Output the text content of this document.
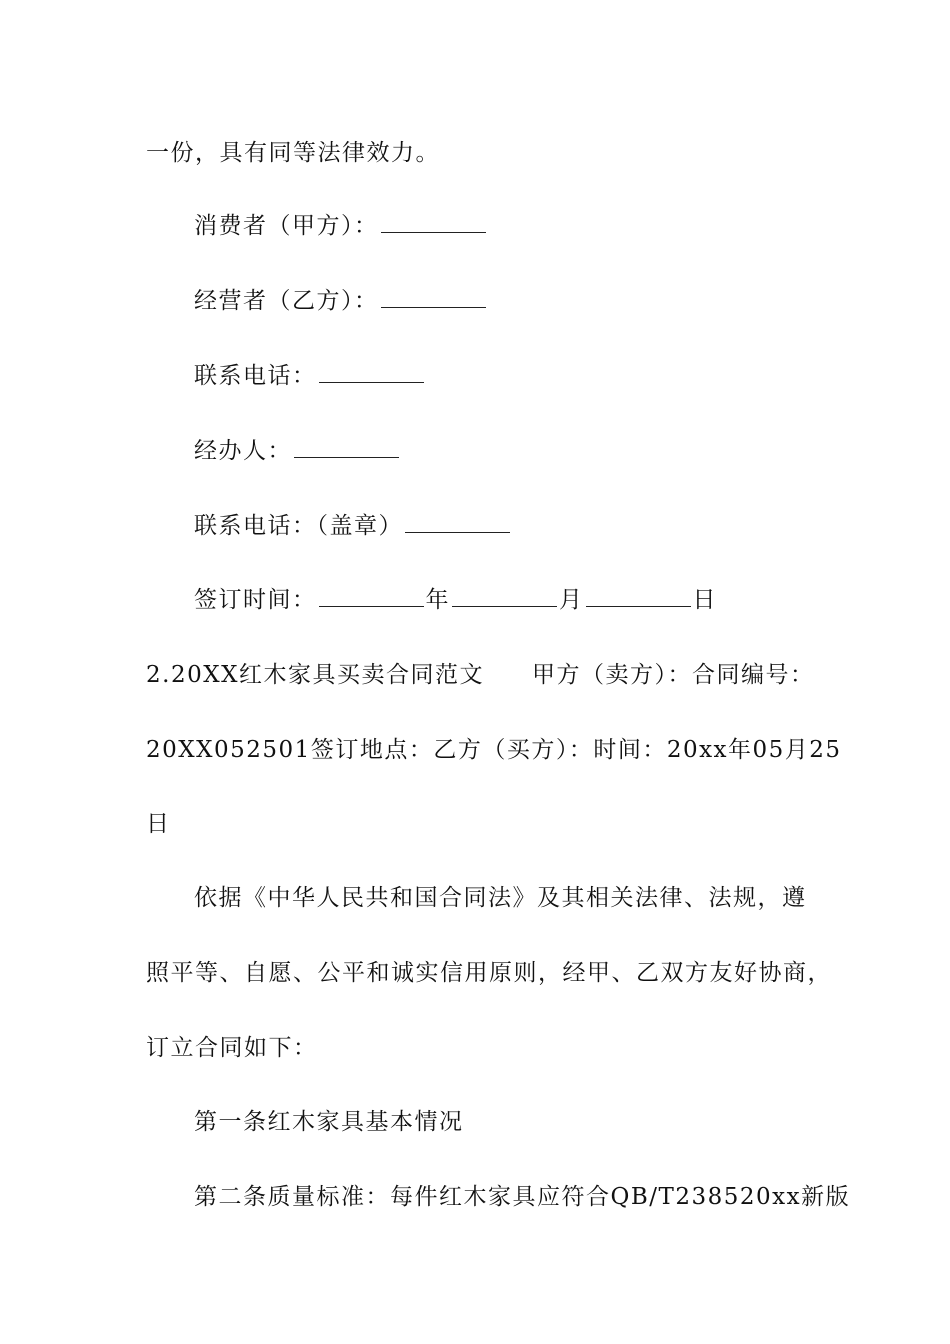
一份，具有同等法律效力。
消费者（甲方）：
经营者（乙方）：
联系电话：
经办人：
联系电话：（盖章）
签订时间：	年	月	日
2.20XX红木家具买卖合同范文 甲方（卖方）：合同编号：
20XX052501签订地点：乙方（买方）：时间：20xx年05月25
日
依据《中华人民共和国合同法》及其相关法律、法规，遵
照平等、自愿、公平和诚实信用原则，经甲、乙双方友好协商，
订立合同如下：
第一条红木家具基本情况
第二条质量标准：每件红木家具应符合QB/T238520xx新版
